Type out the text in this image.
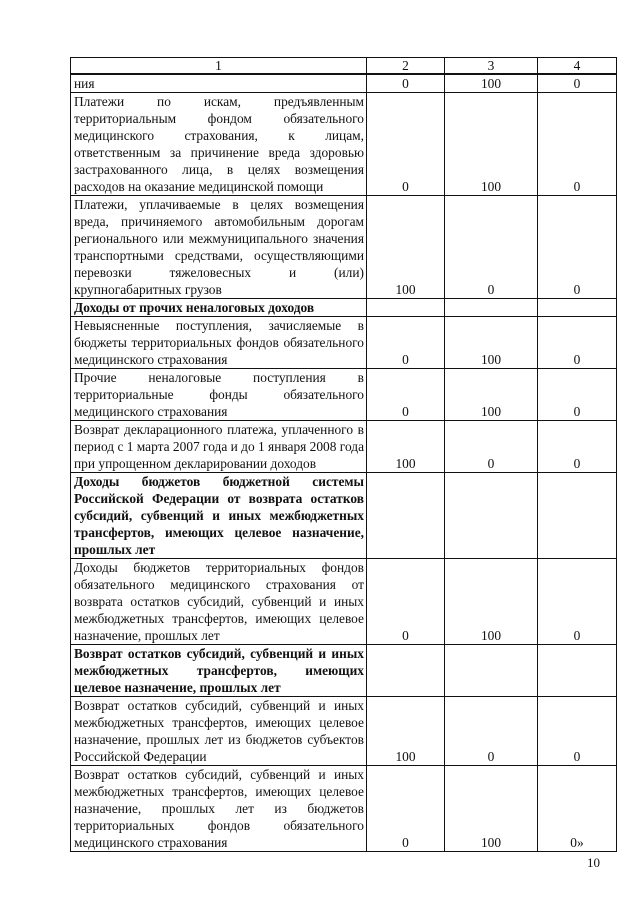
1	2	3	4
ния	0	100	0
Платежи по искам, предъявленным территориальным фондом обязательного медицинского страхования, к лицам, ответственным за причинение вреда здоровью застрахованного лица, в целях возмещения расходов на оказание медицинской помощи	0	100	0
Платежи, уплачиваемые в целях возмещения вреда, причиняемого автомобильным дорогам регионального или межмуниципального значения транспортными средствами, осуществляющими перевозки тяжеловесных и (или) крупногабаритных грузов	100	0	0
Доходы от прочих неналоговых доходов			
Невыясненные поступления, зачисляемые в бюджеты территориальных фондов обязательного медицинского страхования	0	100	0
Прочие неналоговые поступления в территориальные фонды обязательного медицинского страхования	0	100	0
Возврат декларационного платежа, уплаченного в период с 1 марта 2007 года и до 1 января 2008 года при упрощенном декларировании доходов	100	0	0
Доходы бюджетов бюджетной системы Российской Федерации от возврата остатков субсидий, субвенций и иных межбюджетных трансфертов, имеющих целевое назначение, прошлых лет			
Доходы бюджетов территориальных фондов обязательного медицинского страхования от возврата остатков субсидий, субвенций и иных межбюджетных трансфертов, имеющих целевое назначение, прошлых лет	0	100	0
Возврат остатков субсидий, субвенций и иных межбюджетных трансфертов, имеющих целевое назначение, прошлых лет			
Возврат остатков субсидий, субвенций и иных межбюджетных трансфертов, имеющих целевое назначение, прошлых лет из бюджетов субъектов Российской Федерации	100	0	0
Возврат остатков субсидий, субвенций и иных межбюджетных трансфертов, имеющих целевое назначение, прошлых лет из бюджетов территориальных фондов обязательного медицинского страхования	0	100	0»
10
